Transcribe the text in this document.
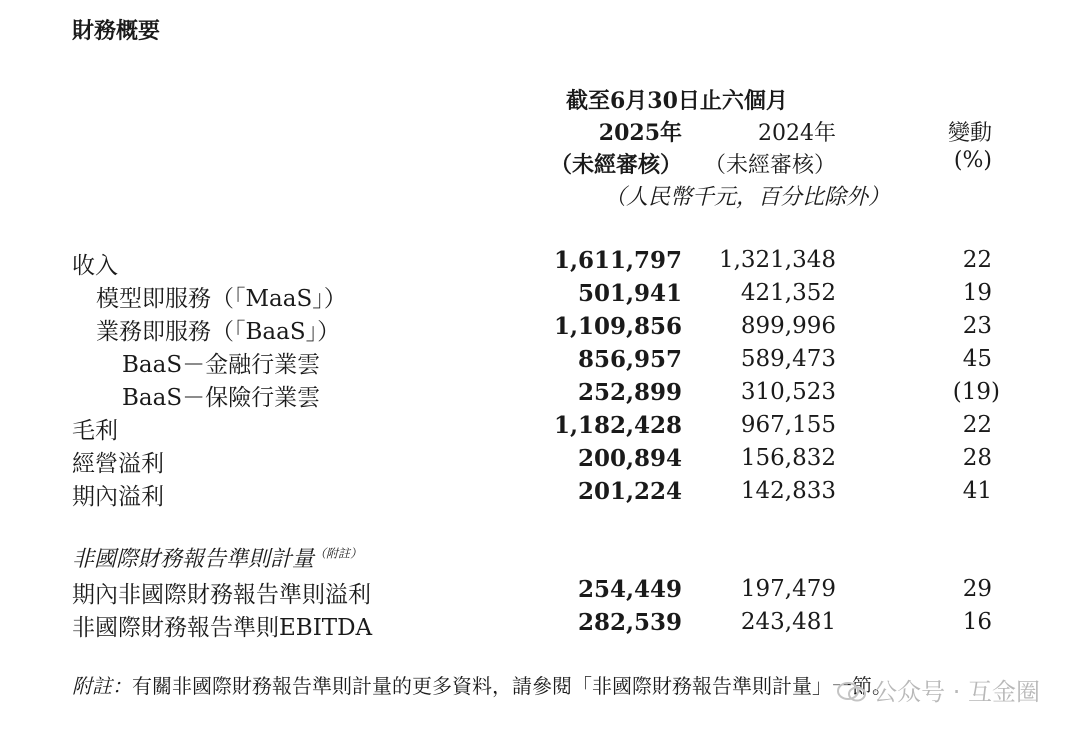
財務概要
截至6月30日止六個月
2025年	2024年	變動
（未經審核） （未經審核）	(%)
（人民幣千元，百分比除外）
收入	1,611,797 1,321,348	22
模型即服務（「MaaS」）	501,941	421,352	19
業務即服務（「BaaS」）	1,109,856	899,996	23
BaaS－金融行業雲	856,957	589,473	45
BaaS－保險行業雲	252,899	310,523	(19)
毛利	1,182,428	967,155	22
經營溢利	200,894	156,832	28
期內溢利	201,224	142,833	41
非國際財務報告準則計量$^{(附註)}$
期內非國際財務報告準則溢利	254,449	197,479	29
非國際財務報告準則EBITDA	282,539	243,481	16
附註：有關非國際財務報告準則計量的更多資料，請參閱「非國際財務報告準則計量」一節。
公众号 · 互金圈
